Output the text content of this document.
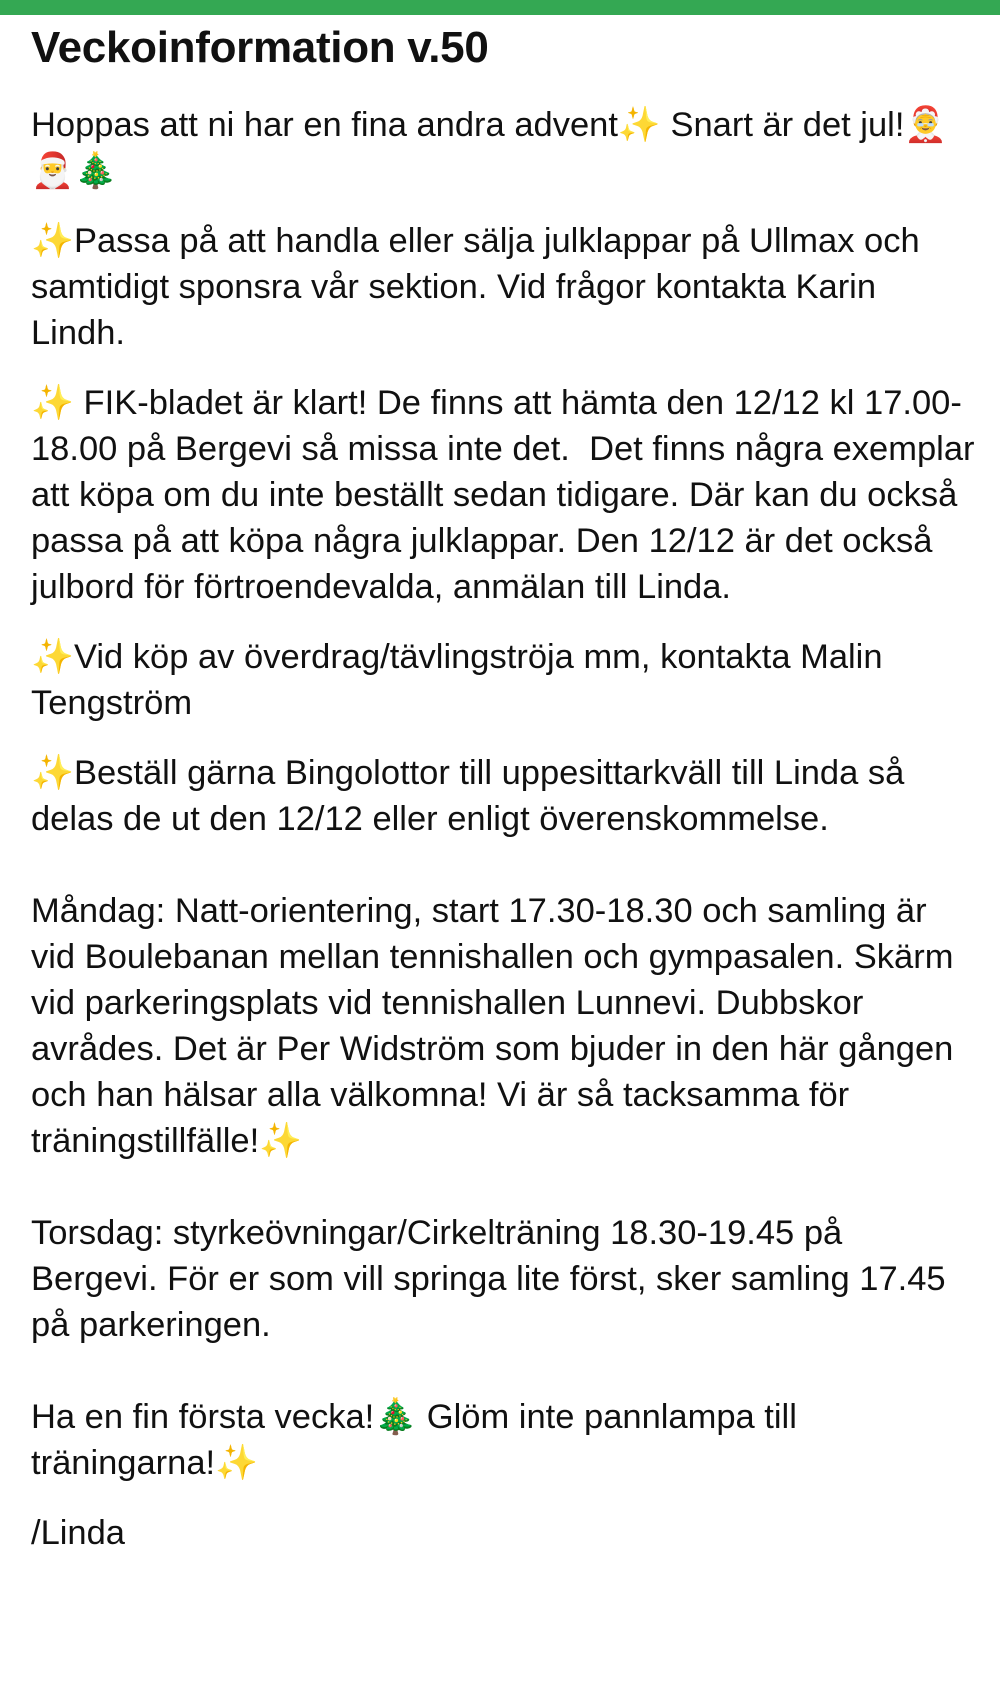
Veckoinformation v.50
Hoppas att ni har en fina andra advent✨ Snart är det jul!🤶🎅🎄
✨Passa på att handla eller sälja julklappar på Ullmax och samtidigt sponsra vår sektion. Vid frågor kontakta Karin Lindh.
✨ FIK-bladet är klart! De finns att hämta den 12/12 kl 17.00-18.00 på Bergevi så missa inte det.  Det finns några exemplar att köpa om du inte beställt sedan tidigare. Där kan du också passa på att köpa några julklappar. Den 12/12 är det också julbord för förtroendevalda, anmälan till Linda.
✨Vid köp av överdrag/tävlingströja mm, kontakta Malin Tengström
✨Beställ gärna Bingolottor till uppesittarkväll till Linda så delas de ut den 12/12 eller enligt överenskommelse.
Måndag: Natt-orientering, start 17.30-18.30 och samling är vid Boulebanan mellan tennishallen och gympasalen. Skärm vid parkeringsplats vid tennishallen Lunnevi. Dubbskor avrådes. Det är Per Widström som bjuder in den här gången och han hälsar alla välkomna! Vi är så tacksamma för träningstillfälle!✨
Torsdag: styrkeövningar/Cirkelträning 18.30-19.45 på Bergevi. För er som vill springa lite först, sker samling 17.45 på parkeringen.
Ha en fin första vecka!🎄 Glöm inte pannlampa till träningarna!✨
/Linda
